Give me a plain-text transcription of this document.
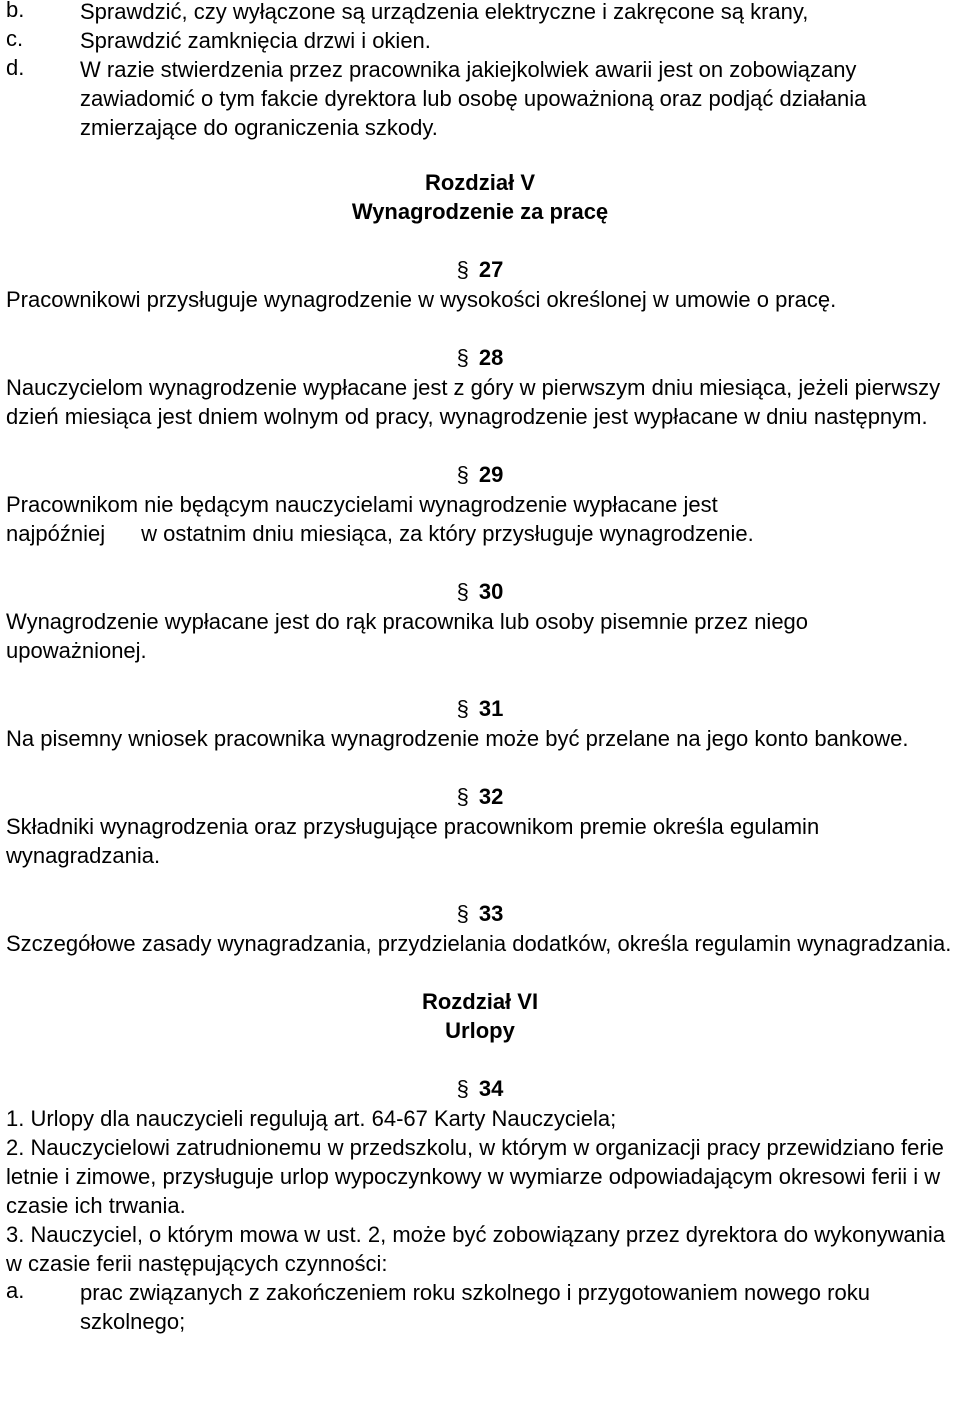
b.	Sprawdzić, czy wyłączone są urządzenia elektryczne i zakręcone są krany,

c.	Sprawdzić zamknięcia drzwi i okien.

d.	W razie stwierdzenia przez pracownika jakiejkolwiek awarii jest on zobowiązany zawiadomić o tym fakcie dyrektora lub osobę upoważnioną oraz podjąć działania zmierzające do ograniczenia szkody.

Rozdział V

Wynagrodzenie za pracę

§ 27

Pracownikowi przysługuje wynagrodzenie w wysokości określonej w umowie o pracę.

§ 28

Nauczycielom wynagrodzenie wypłacane jest z góry w pierwszym dniu miesiąca, jeżeli pierwszy dzień miesiąca jest dniem wolnym od pracy, wynagrodzenie jest wypłacane w dniu następnym.

§ 29

Pracownikom nie będącym nauczycielami wynagrodzenie wypłacane jest
najpóźniej w ostatnim dniu miesiąca, za który przysługuje wynagrodzenie.

§ 30

Wynagrodzenie wypłacane jest do rąk pracownika lub osoby pisemnie przez niego upoważnionej.

§ 31

Na pisemny wniosek pracownika wynagrodzenie może być przelane na jego konto bankowe.

§ 32

Składniki wynagrodzenia oraz przysługujące pracownikom premie określa egulamin wynagradzania.

§ 33

Szczegółowe zasady wynagradzania, przydzielania dodatków, określa regulamin wynagradzania.

Rozdział VI

Urlopy

§ 34

1. Urlopy dla nauczycieli regulują art. 64-67 Karty Nauczyciela;

2. Nauczycielowi zatrudnionemu w przedszkolu, w którym w organizacji pracy przewidziano ferie letnie i zimowe, przysługuje urlop wypoczynkowy w wymiarze odpowiadającym okresowi ferii i w czasie ich trwania.

3. Nauczyciel, o którym mowa w ust. 2, może być zobowiązany przez dyrektora do wykonywania w czasie ferii następujących czynności:

a.	prac związanych z zakończeniem roku szkolnego i przygotowaniem nowego roku szkolnego;
